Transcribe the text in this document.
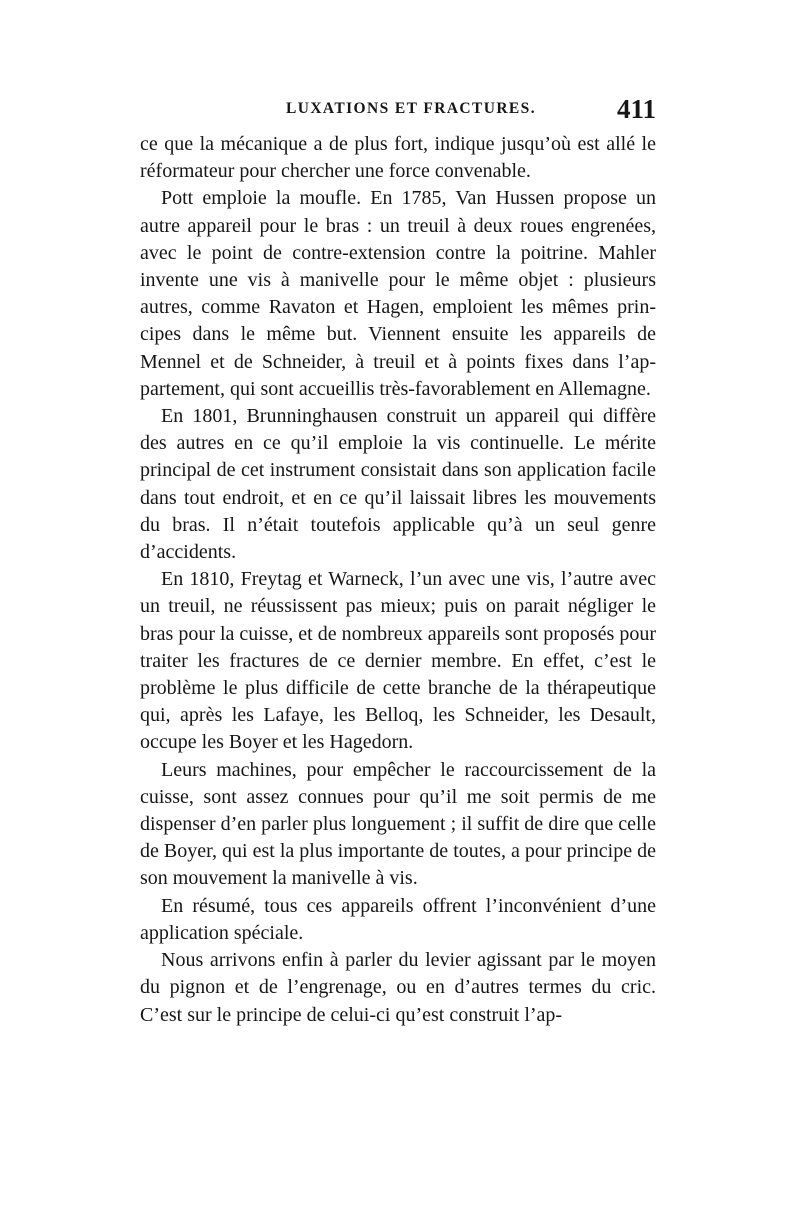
LUXATIONS ET FRACTURES.	411

ce que la mécanique a de plus fort, indique jusqu’où est allé le réformateur pour chercher une force convenable.

Pott emploie la moufle. En 1785, Van Hussen propose un autre appareil pour le bras : un treuil à deux roues engrenées, avec le point de contre-extension contre la poitrine. Mahler invente une vis à manivelle pour le même objet : plusieurs autres, comme Ravaton et Hagen, emploient les mêmes principes dans le même but. Viennent ensuite les appareils de Mennel et de Schneider, à treuil et à points fixes dans l’appartement, qui sont accueillis très-favorablement en Allemagne.

En 1801, Brunninghausen construit un appareil qui diffère des autres en ce qu’il emploie la vis continuelle. Le mérite principal de cet instrument consistait dans son application facile dans tout endroit, et en ce qu’il laissait libres les mouvements du bras. Il n’était toutefois applicable qu’à un seul genre d’accidents.

En 1810, Freytag et Warneck, l’un avec une vis, l’autre avec un treuil, ne réussissent pas mieux; puis on parait négliger le bras pour la cuisse, et de nombreux appareils sont proposés pour traiter les fractures de ce dernier membre. En effet, c’est le problème le plus difficile de cette branche de la thérapeutique qui, après les Lafaye, les Belloq, les Schneider, les Desault, occupe les Boyer et les Hagedorn.

Leurs machines, pour empêcher le raccourcissement de la cuisse, sont assez connues pour qu’il me soit permis de me dispenser d’en parler plus longuement ; il suffit de dire que celle de Boyer, qui est la plus importante de toutes, a pour principe de son mouvement la manivelle à vis.

En résumé, tous ces appareils offrent l’inconvénient d’une application spéciale.

Nous arrivons enfin à parler du levier agissant par le moyen du pignon et de l’engrenage, ou en d’autres termes du cric. C’est sur le principe de celui-ci qu’est construit l’ap-
